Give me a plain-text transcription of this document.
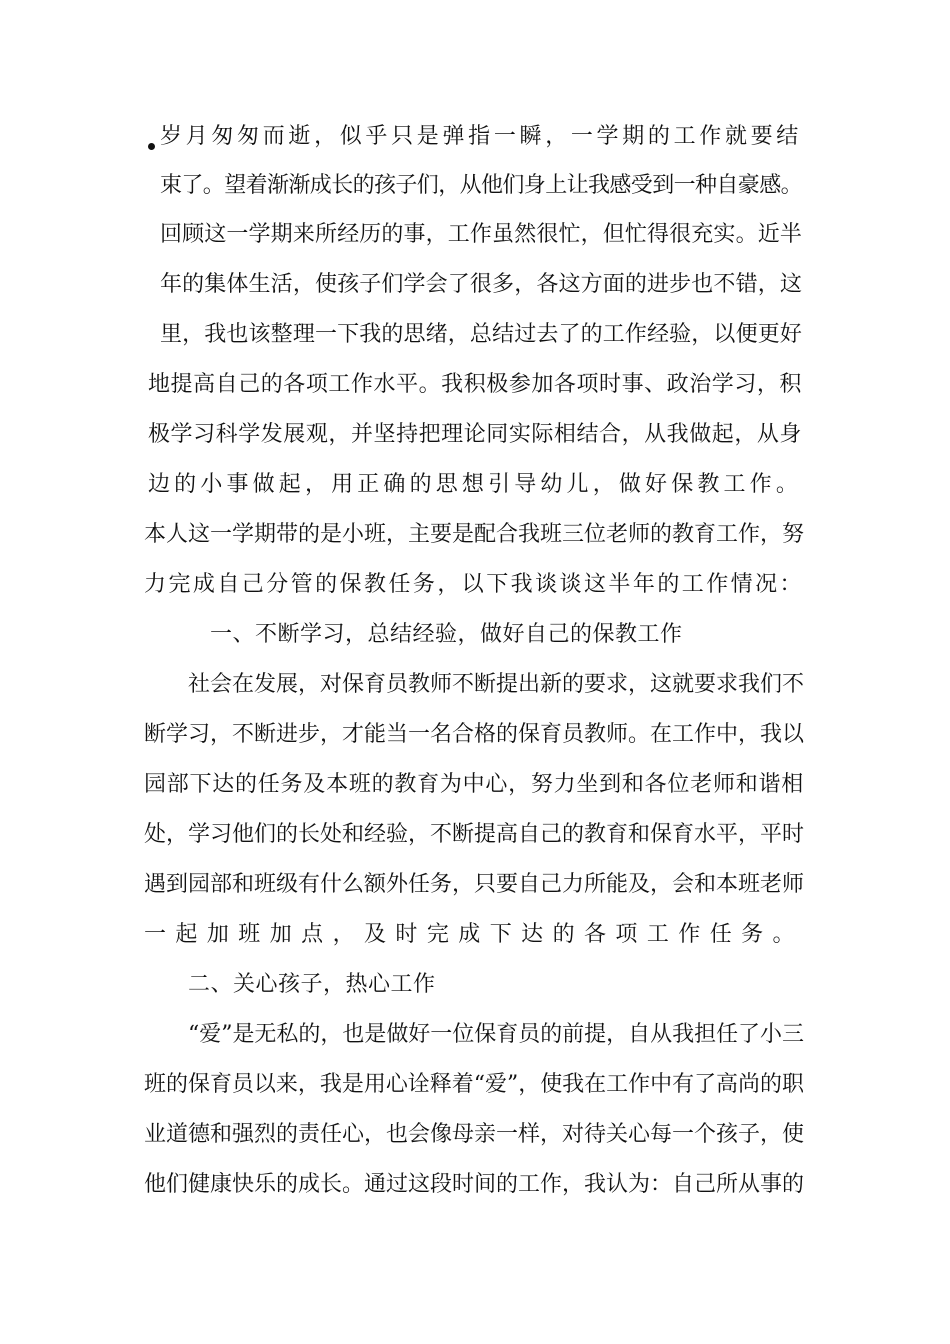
岁月匆匆而逝，似乎只是弹指一瞬，一学期的工作就要结
束了。望着渐渐成长的孩子们，从他们身上让我感受到一种自豪感。
回顾这一学期来所经历的事，工作虽然很忙，但忙得很充实。近半
年的集体生活，使孩子们学会了很多，各这方面的进步也不错，这
里，我也该整理一下我的思绪，总结过去了的工作经验，以便更好
地提高自己的各项工作水平。我积极参加各项时事、政治学习，积
极学习科学发展观，并坚持把理论同实际相结合，从我做起，从身
边的小事做起，用正确的思想引导幼儿，做好保教工作。
本人这一学期带的是小班，主要是配合我班三位老师的教育工作，努
力完成自己分管的保教任务，以下我谈谈这半年的工作情况：
一、不断学习，总结经验，做好自己的保教工作
社会在发展，对保育员教师不断提出新的要求，这就要求我们不
断学习，不断进步，才能当一名合格的保育员教师。在工作中，我以
园部下达的任务及本班的教育为中心，努力坐到和各位老师和谐相
处，学习他们的长处和经验，不断提高自己的教育和保育水平，平时
遇到园部和班级有什么额外任务，只要自己力所能及，会和本班老师
一起加班加点，及时完成下达的各项工作任务。
二、关心孩子，热心工作
“爱”是无私的，也是做好一位保育员的前提，自从我担任了小三
班的保育员以来，我是用心诠释着“爱”，使我在工作中有了高尚的职
业道德和强烈的责任心，也会像母亲一样，对待关心每一个孩子，使
他们健康快乐的成长。通过这段时间的工作，我认为：自己所从事的
